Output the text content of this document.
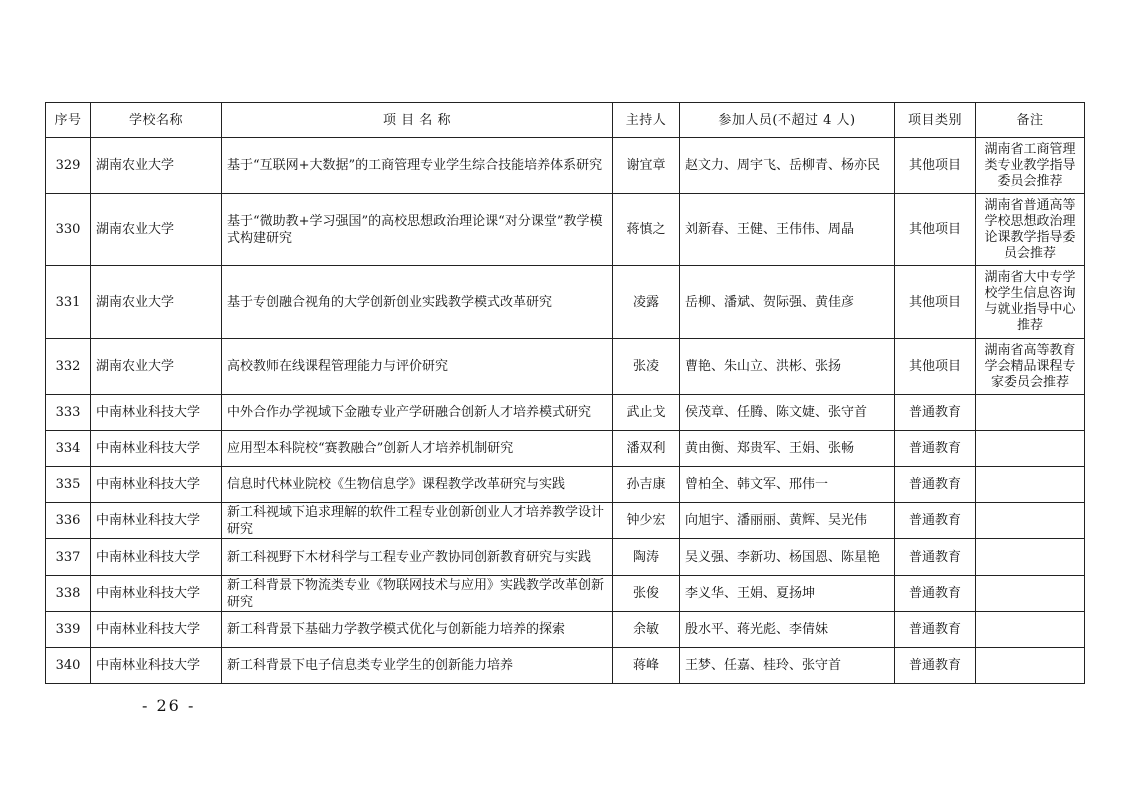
序号	学校名称	项 目 名 称	主持人	参加人员(不超过 4 人)	项目类别	备注
329	湖南农业大学	基于“互联网+大数据”的工商管理专业学生综合技能培养体系研究	谢宜章	赵文力、周宇飞、岳柳青、杨亦民	其他项目	湖南省工商管理类专业教学指导委员会推荐
330	湖南农业大学	基于“微助教+学习强国”的高校思想政治理论课“对分课堂”教学模式构建研究	蒋慎之	刘新春、王健、王伟伟、周晶	其他项目	湖南省普通高等学校思想政治理论课教学指导委员会推荐
331	湖南农业大学	基于专创融合视角的大学创新创业实践教学模式改革研究	凌露	岳柳、潘斌、贺际强、黄佳彦	其他项目	湖南省大中专学校学生信息咨询与就业指导中心推荐
332	湖南农业大学	高校教师在线课程管理能力与评价研究	张凌	曹艳、朱山立、洪彬、张扬	其他项目	湖南省高等教育学会精品课程专家委员会推荐
333	中南林业科技大学	中外合作办学视域下金融专业产学研融合创新人才培养模式研究	武止戈	侯茂章、任腾、陈文婕、张守首	普通教育	
334	中南林业科技大学	应用型本科院校“赛教融合”创新人才培养机制研究	潘双利	黄由衡、郑贵军、王娟、张畅	普通教育	
335	中南林业科技大学	信息时代林业院校《生物信息学》课程教学改革研究与实践	孙吉康	曾柏全、韩文军、邢伟一	普通教育	
336	中南林业科技大学	新工科视域下追求理解的软件工程专业创新创业人才培养教学设计研究	钟少宏	向旭宇、潘丽丽、黄辉、吴光伟	普通教育	
337	中南林业科技大学	新工科视野下木材科学与工程专业产教协同创新教育研究与实践	陶涛	吴义强、李新功、杨国恩、陈星艳	普通教育	
338	中南林业科技大学	新工科背景下物流类专业《物联网技术与应用》实践教学改革创新研究	张俊	李义华、王娟、夏扬坤	普通教育	
339	中南林业科技大学	新工科背景下基础力学教学模式优化与创新能力培养的探索	余敏	殷水平、蒋光彪、李倩妹	普通教育	
340	中南林业科技大学	新工科背景下电子信息类专业学生的创新能力培养	蒋峰	王梦、任嘉、桂玲、张守首	普通教育	
- 26 -
